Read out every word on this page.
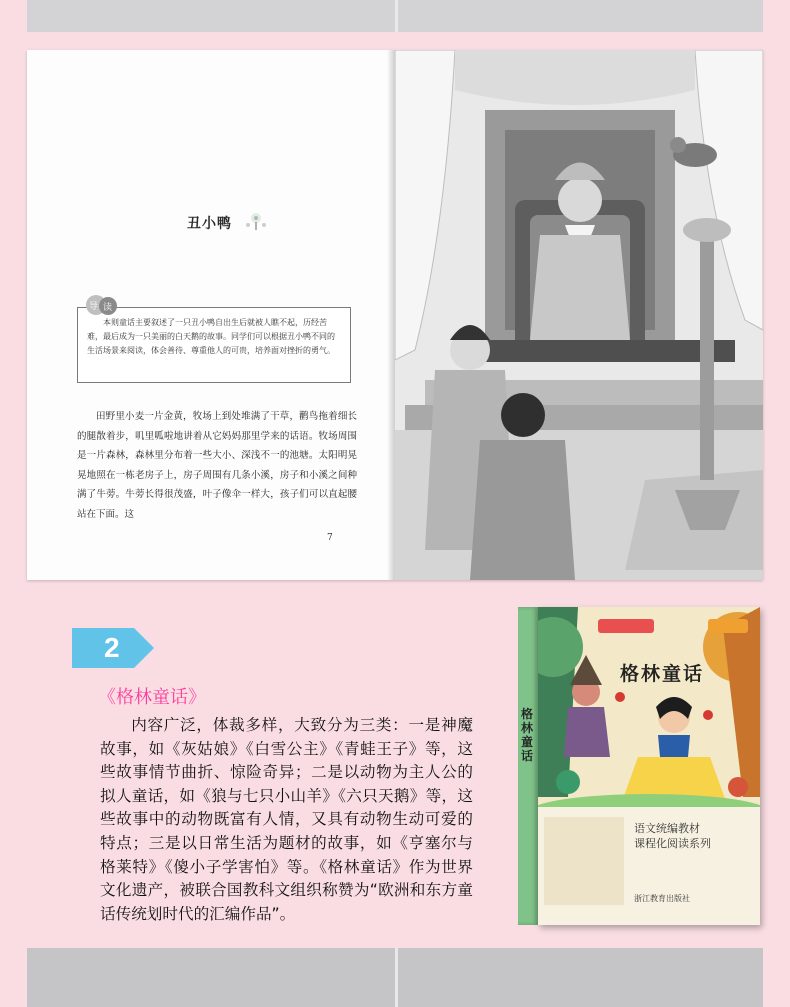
丑小鸭
导 读
本则童话主要叙述了一只丑小鸭自出生后就被人瞧不起，历经苦难，最后成为一只美丽的白天鹅的故事。同学们可以根据丑小鸭不同的生活场景来阅读，体会善待、尊重他人的可贵，培养面对挫折的勇气。
田野里小麦一片金黄，牧场上到处堆满了干草，鹳鸟拖着细长的腿散着步，叽里呱啦地讲着从它妈妈那里学来的话语。牧场周围是一片森林，森林里分布着一些大小、深浅不一的池塘。太阳明晃晃地照在一栋老房子上，房子周围有几条小溪，房子和小溪之间种满了牛蒡。牛蒡长得很茂盛，叶子像伞一样大，孩子们可以直起腰站在下面。这
7
2
《格林童话》
内容广泛，体裁多样，大致分为三类：一是神魔故事，如《灰姑娘》《白雪公主》《青蛙王子》等，这些故事情节曲折、惊险奇异；二是以动物为主人公的拟人童话，如《狼与七只小山羊》《六只天鹅》等，这些故事中的动物既富有人情，又具有动物生动可爱的特点；三是以日常生活为题材的故事，如《亨塞尔与格莱特》《傻小子学害怕》等。《格林童话》作为世界文化遗产，被联合国教科文组织称赞为“欧洲和东方童话传统划时代的汇编作品”。
格林童话
格林童话
语文统编教材
课程化阅读系列
浙江教育出版社
